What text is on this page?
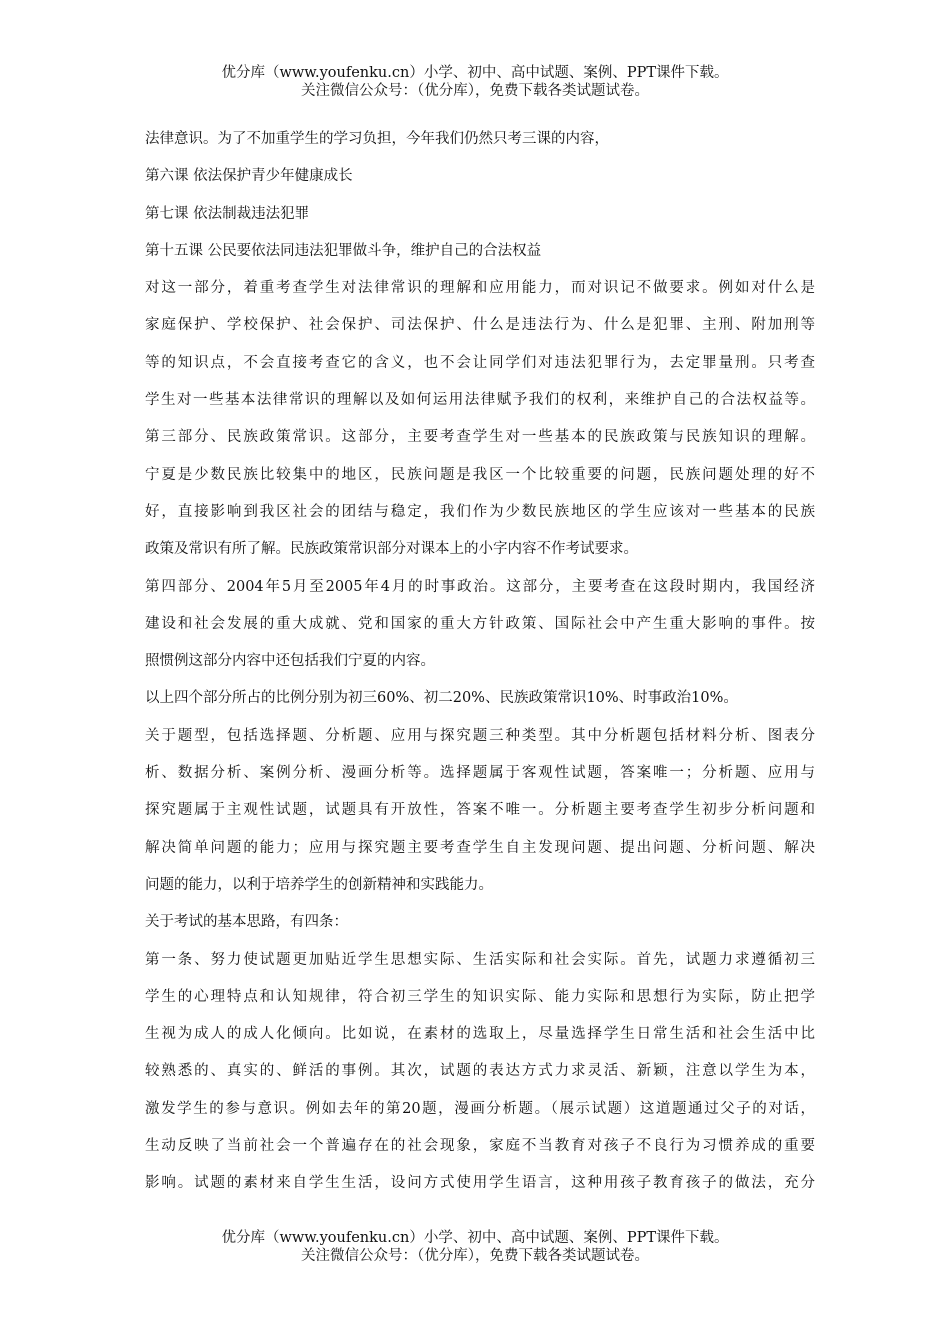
优分库（www.youfenku.cn）小学、初中、高中试题、案例、PPT课件下载。
关注微信公众号：（优分库），免费下载各类试题试卷。
法律意识。为了不加重学生的学习负担，今年我们仍然只考三课的内容，
第六课 依法保护青少年健康成长
第七课 依法制裁违法犯罪
第十五课 公民要依法同违法犯罪做斗争，维护自己的合法权益
对这一部分，着重考查学生对法律常识的理解和应用能力，而对识记不做要求。例如对什么是
家庭保护、学校保护、社会保护、司法保护、什么是违法行为、什么是犯罪、主刑、附加刑等
等的知识点，不会直接考查它的含义，也不会让同学们对违法犯罪行为，去定罪量刑。只考查
学生对一些基本法律常识的理解以及如何运用法律赋予我们的权利，来维护自己的合法权益等。
第三部分、民族政策常识。这部分，主要考查学生对一些基本的民族政策与民族知识的理解。
宁夏是少数民族比较集中的地区，民族问题是我区一个比较重要的问题，民族问题处理的好不
好，直接影响到我区社会的团结与稳定，我们作为少数民族地区的学生应该对一些基本的民族
政策及常识有所了解。民族政策常识部分对课本上的小字内容不作考试要求。
第四部分、2004年5月至2005年4月的时事政治。这部分，主要考查在这段时期内，我国经济
建设和社会发展的重大成就、党和国家的重大方针政策、国际社会中产生重大影响的事件。按
照惯例这部分内容中还包括我们宁夏的内容。
以上四个部分所占的比例分别为初三60%、初二20%、民族政策常识10%、时事政治10%。
关于题型，包括选择题、分析题、应用与探究题三种类型。其中分析题包括材料分析、图表分
析、数据分析、案例分析、漫画分析等。选择题属于客观性试题，答案唯一；分析题、应用与
探究题属于主观性试题，试题具有开放性，答案不唯一。分析题主要考查学生初步分析问题和
解决简单问题的能力；应用与探究题主要考查学生自主发现问题、提出问题、分析问题、解决
问题的能力，以利于培养学生的创新精神和实践能力。
关于考试的基本思路，有四条：
第一条、努力使试题更加贴近学生思想实际、生活实际和社会实际。首先，试题力求遵循初三
学生的心理特点和认知规律，符合初三学生的知识实际、能力实际和思想行为实际，防止把学
生视为成人的成人化倾向。比如说，在素材的选取上，尽量选择学生日常生活和社会生活中比
较熟悉的、真实的、鲜活的事例。其次，试题的表达方式力求灵活、新颖，注意以学生为本，
激发学生的参与意识。例如去年的第20题，漫画分析题。（展示试题）这道题通过父子的对话，
生动反映了当前社会一个普遍存在的社会现象，家庭不当教育对孩子不良行为习惯养成的重要
影响。试题的素材来自学生生活，设问方式使用学生语言，这种用孩子教育孩子的做法，充分
优分库（www.youfenku.cn）小学、初中、高中试题、案例、PPT课件下载。
关注微信公众号：（优分库），免费下载各类试题试卷。
